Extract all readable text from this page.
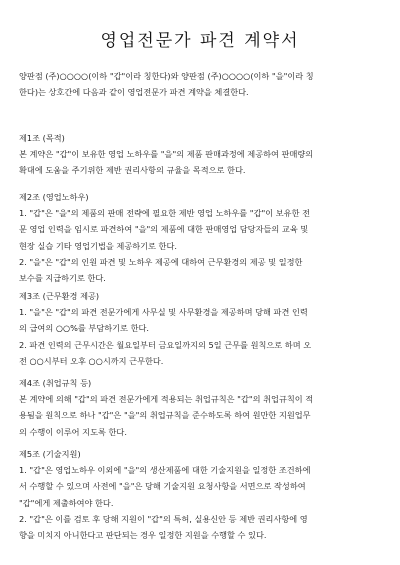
영업전문가 파견 계약서

양판점 (주)○○○○(이하 "갑"이라 칭한다)와 양판점 (주)○○○○(이하 "을"이라 칭
한다)는 상호간에 다음과 같이 영업전문가 파견 계약을 체결한다.

제1조 (목적)

본 계약은 "갑"이 보유한 영업 노하우를 "을"의 제품 판매과정에 제공하여 판매량의
확대에 도움을 주기위한 제반 권리사항의 규율을 목적으로 한다.

제2조 (영업노하우)

1. "갑"은 "을"의 제품의 판매 전략에 필요한 제반 영업 노하우를 "갑"이 보유한 전
문 영업 인력을 임시로 파견하여 "을"의 제품에 대한 판매영업 담당자들의 교육 및
현장 실습 기타 영업기법을 제공하기로 한다.
2. "을"은 "갑"의 인원 파견 및 노하우 제공에 대하여 근무환경의 제공 및 일정한
보수를 지급하기로 한다.

제3조 (근무환경 제공)

1. "을"은 "갑"의 파견 전문가에게 사무실 및 사무환경을 제공하며 당해 파견 인력
의 급여의 ○○%를 부담하기로 한다.
2. 파견 인력의 근무시간은 월요일부터 금요일까지의 5일 근무를 원칙으로 하며 오
전 ○○시부터 오후 ○○시까지 근무한다.

제4조 (취업규칙 등)

본 계약에 의해 "갑"의 파견 전문가에게 적용되는 취업규칙은 "갑"의 취업규칙이 적
용됨을 원칙으로 하나 "갑"은 "을"의 취업규칙을 준수하도록 하여 원만한 지원업무
의 수행이 이루어 지도록 한다.

제5조 (기술지원)

1. "갑"은 영업노하우 이외에 "을"의 생산제품에 대한 기술지원을 일정한 조건하에
서 수행할 수 있으며 사전에 "을"은 당해 기술지원 요청사항을 서면으로 작성하여
"갑"에게 제출하여야 한다.
2. "갑"은 이를 검토 후 당해 지원이 "갑"의 특허, 실용신안 등 제반 권리사항에 영
향을 미치지 아니한다고 판단되는 경우 일정한 지원을 수행할 수 있다.
